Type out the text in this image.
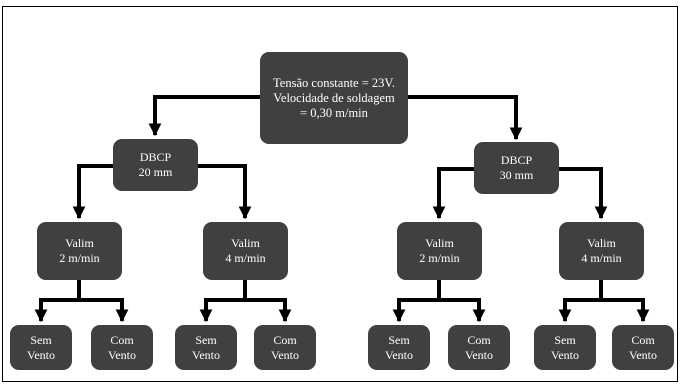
Tensão constante = 23V.
Velocidade de soldagem
= 0,30 m/min
DBCP
20 mm
DBCP
30 mm
Valim
2 m/min
Valim
4 m/min
Valim
2 m/min
Valim
4 m/min
Sem
Vento
Com
Vento
Sem
Vento
Com
Vento
Sem
Vento
Com
Vento
Sem
Vento
Com
Vento
